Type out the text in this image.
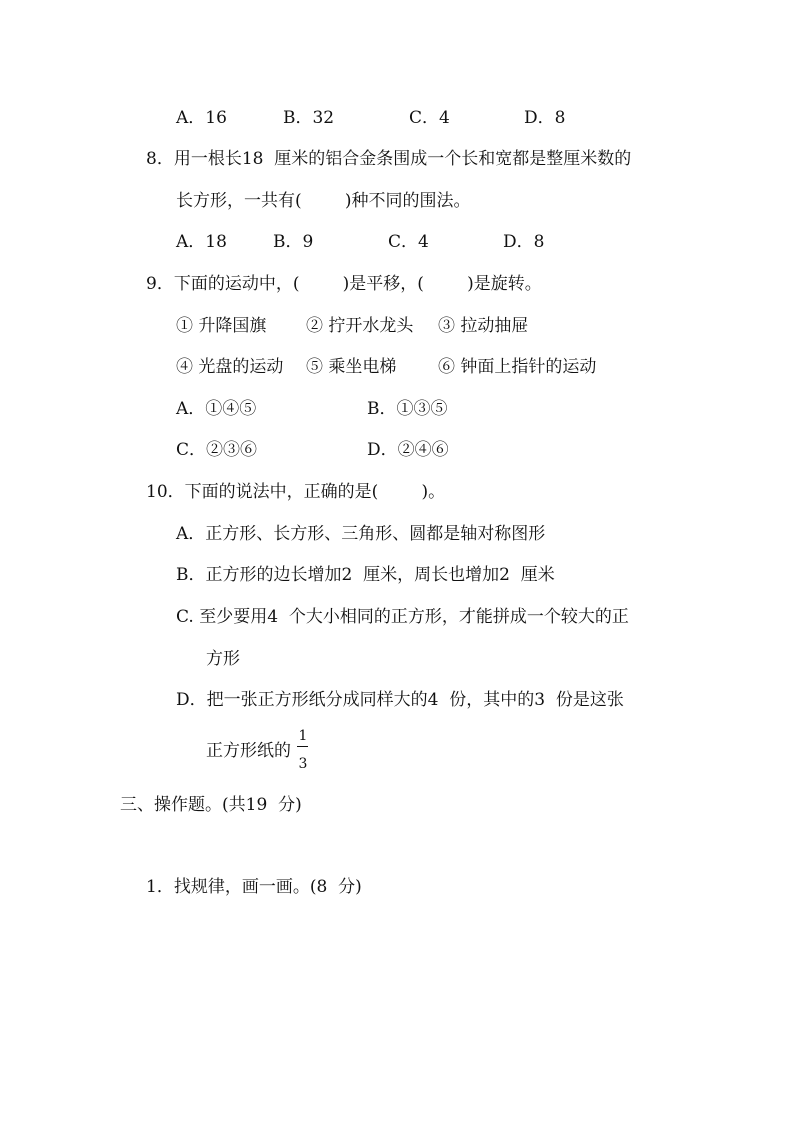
A．16	B．32	C．4	D．8
8．用一根长18  厘米的铝合金条围成一个长和宽都是整厘米数的
长方形，一共有(        )种不同的围法。
A．18	B．9	C．4	D．8
9．下面的运动中，(        )是平移，(        )是旋转。
① 升降国旗 ② 拧开水龙头 ③ 拉动抽屉
④ 光盘的运动 ⑤ 乘坐电梯 ⑥ 钟面上指针的运动
A．①④⑤	B．①③⑤
C．②③⑥	D．②④⑥
10．下面的说法中，正确的是(        )。
A．正方形、长方形、三角形、圆都是轴对称图形
B．正方形的边长增加2  厘米，周长也增加2  厘米
C. 至少要用4  个大小相同的正方形，才能拼成一个较大的正
方形
D．把一张正方形纸分成同样大的4  份，其中的3  份是这张
正方形纸的
1
3
三、操作题。(共19  分)
1．找规律，画一画。(8  分)
